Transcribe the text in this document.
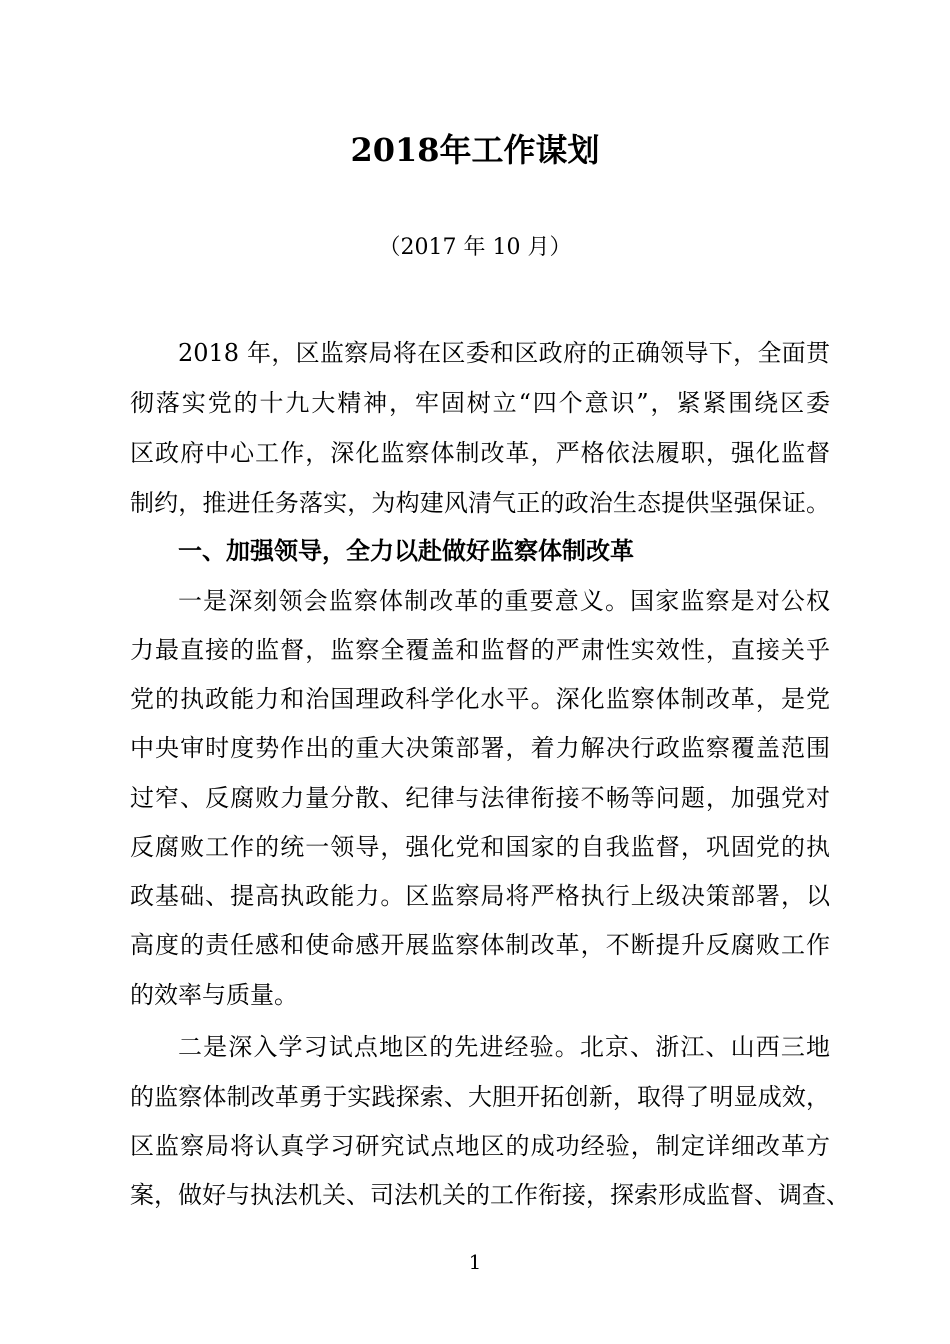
2018年工作谋划
（2017 年 10 月）
2018 年，区监察局将在区委和区政府的正确领导下，全面贯
彻落实党的十九大精神，牢固树立“四个意识”，紧紧围绕区委
区政府中心工作，深化监察体制改革，严格依法履职，强化监督
制约，推进任务落实，为构建风清气正的政治生态提供坚强保证。
一、加强领导，全力以赴做好监察体制改革
一是深刻领会监察体制改革的重要意义。国家监察是对公权
力最直接的监督，监察全覆盖和监督的严肃性实效性，直接关乎
党的执政能力和治国理政科学化水平。深化监察体制改革，是党
中央审时度势作出的重大决策部署，着力解决行政监察覆盖范围
过窄、反腐败力量分散、纪律与法律衔接不畅等问题，加强党对
反腐败工作的统一领导，强化党和国家的自我监督，巩固党的执
政基础、提高执政能力。区监察局将严格执行上级决策部署，以
高度的责任感和使命感开展监察体制改革，不断提升反腐败工作
的效率与质量。
二是深入学习试点地区的先进经验。北京、浙江、山西三地
的监察体制改革勇于实践探索、大胆开拓创新，取得了明显成效，
区监察局将认真学习研究试点地区的成功经验，制定详细改革方
案，做好与执法机关、司法机关的工作衔接，探索形成监督、调查、
1
